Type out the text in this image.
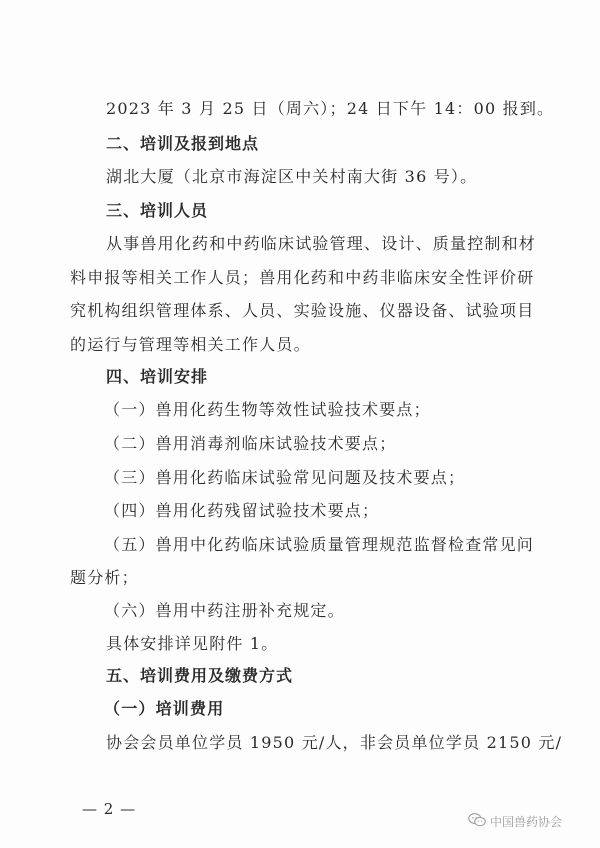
2023 年 3 月 25 日（周六）；24 日下午 14：00 报到。
二、培训及报到地点
湖北大厦（北京市海淀区中关村南大街 36 号）。
三、培训人员
从事兽用化药和中药临床试验管理、设计、质量控制和材
料申报等相关工作人员；兽用化药和中药非临床安全性评价研
究机构组织管理体系、人员、实验设施、仪器设备、试验项目
的运行与管理等相关工作人员。
四、培训安排
（一）兽用化药生物等效性试验技术要点；
（二）兽用消毒剂临床试验技术要点；
（三）兽用化药临床试验常见问题及技术要点；
（四）兽用化药残留试验技术要点；
（五）兽用中化药临床试验质量管理规范监督检查常见问
题分析；
（六）兽用中药注册补充规定。
具体安排详见附件 1。
五、培训费用及缴费方式
（一）培训费用
协会会员单位学员 1950 元/人，非会员单位学员 2150 元/
— 2 —
中国兽药协会
